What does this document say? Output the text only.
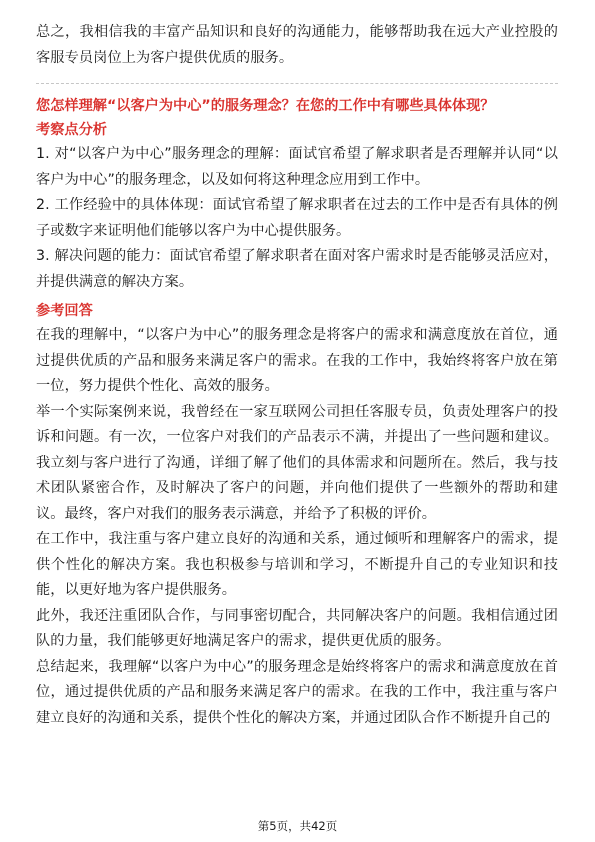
总之，我相信我的丰富产品知识和良好的沟通能力，能够帮助我在远大产业控股的客服专员岗位上为客户提供优质的服务。

您怎样理解“以客户为中心”的服务理念？在您的工作中有哪些具体体现？

考察点分析

1. 对“以客户为中心”服务理念的理解：面试官希望了解求职者是否理解并认同“以客户为中心”的服务理念，以及如何将这种理念应用到工作中。

2. 工作经验中的具体体现：面试官希望了解求职者在过去的工作中是否有具体的例子或数字来证明他们能够以客户为中心提供服务。

3. 解决问题的能力：面试官希望了解求职者在面对客户需求时是否能够灵活应对，并提供满意的解决方案。

参考回答

在我的理解中，“以客户为中心”的服务理念是将客户的需求和满意度放在首位，通过提供优质的产品和服务来满足客户的需求。在我的工作中，我始终将客户放在第一位，努力提供个性化、高效的服务。

举一个实际案例来说，我曾经在一家互联网公司担任客服专员，负责处理客户的投诉和问题。有一次，一位客户对我们的产品表示不满，并提出了一些问题和建议。我立刻与客户进行了沟通，详细了解了他们的具体需求和问题所在。然后，我与技术团队紧密合作，及时解决了客户的问题，并向他们提供了一些额外的帮助和建议。最终，客户对我们的服务表示满意，并给予了积极的评价。

在工作中，我注重与客户建立良好的沟通和关系，通过倾听和理解客户的需求，提供个性化的解决方案。我也积极参与培训和学习，不断提升自己的专业知识和技能，以更好地为客户提供服务。

此外，我还注重团队合作，与同事密切配合，共同解决客户的问题。我相信通过团队的力量，我们能够更好地满足客户的需求，提供更优质的服务。

总结起来，我理解“以客户为中心”的服务理念是始终将客户的需求和满意度放在首位，通过提供优质的产品和服务来满足客户的需求。在我的工作中，我注重与客户建立良好的沟通和关系，提供个性化的解决方案，并通过团队合作不断提升自己的

第5页，共42页
